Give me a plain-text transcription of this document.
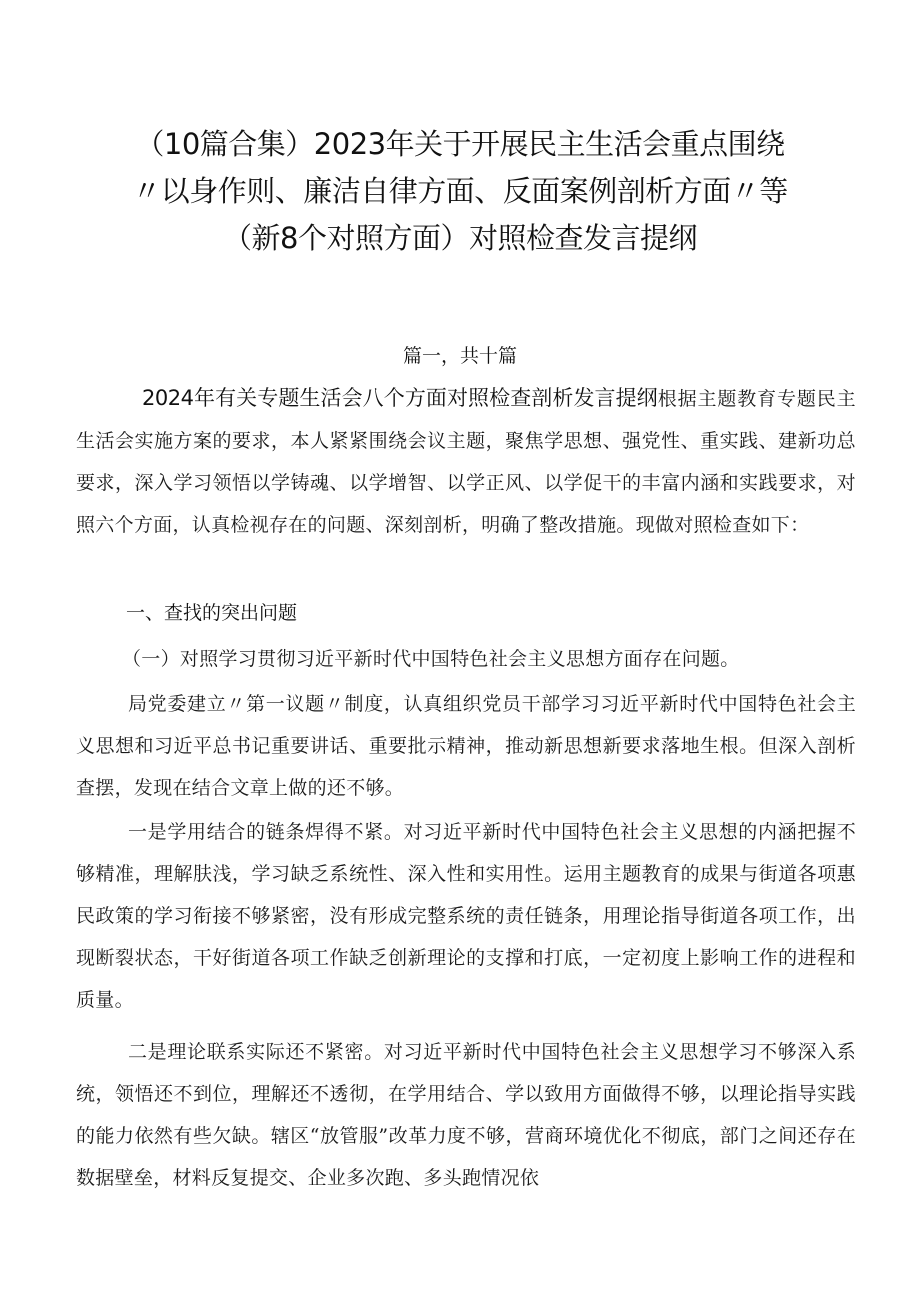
（10篇合集）2023年关于开展民主生活会重点围绕
〃以身作则、廉洁自律方面、反面案例剖析方面〃等
（新8个对照方面）对照检查发言提纲
篇一，共十篇
2024年有关专题生活会八个方面对照检查剖析发言提纲根据主题教育专题民主生活会实施方案的要求，本人紧紧围绕会议主题，聚焦学思想、强党性、重实践、建新功总要求，深入学习领悟以学铸魂、以学增智、以学正风、以学促干的丰富内涵和实践要求，对照六个方面，认真检视存在的问题、深刻剖析，明确了整改措施。现做对照检查如下：
一、查找的突出问题
（一）对照学习贯彻习近平新时代中国特色社会主义思想方面存在问题。
局党委建立〃第一议题〃制度，认真组织党员干部学习习近平新时代中国特色社会主义思想和习近平总书记重要讲话、重要批示精神，推动新思想新要求落地生根。但深入剖析查摆，发现在结合文章上做的还不够。
一是学用结合的链条焊得不紧。对习近平新时代中国特色社会主义思想的内涵把握不够精准，理解肤浅，学习缺乏系统性、深入性和实用性。运用主题教育的成果与街道各项惠民政策的学习衔接不够紧密，没有形成完整系统的责任链条，用理论指导街道各项工作，出现断裂状态，干好街道各项工作缺乏创新理论的支撑和打底，一定初度上影响工作的进程和质量。
二是理论联系实际还不紧密。对习近平新时代中国特色社会主义思想学习不够深入系统，领悟还不到位，理解还不透彻，在学用结合、学以致用方面做得不够，以理论指导实践的能力依然有些欠缺。辖区“放管服”改革力度不够，营商环境优化不彻底，部门之间还存在数据壁垒，材料反复提交、企业多次跑、多头跑情况依
